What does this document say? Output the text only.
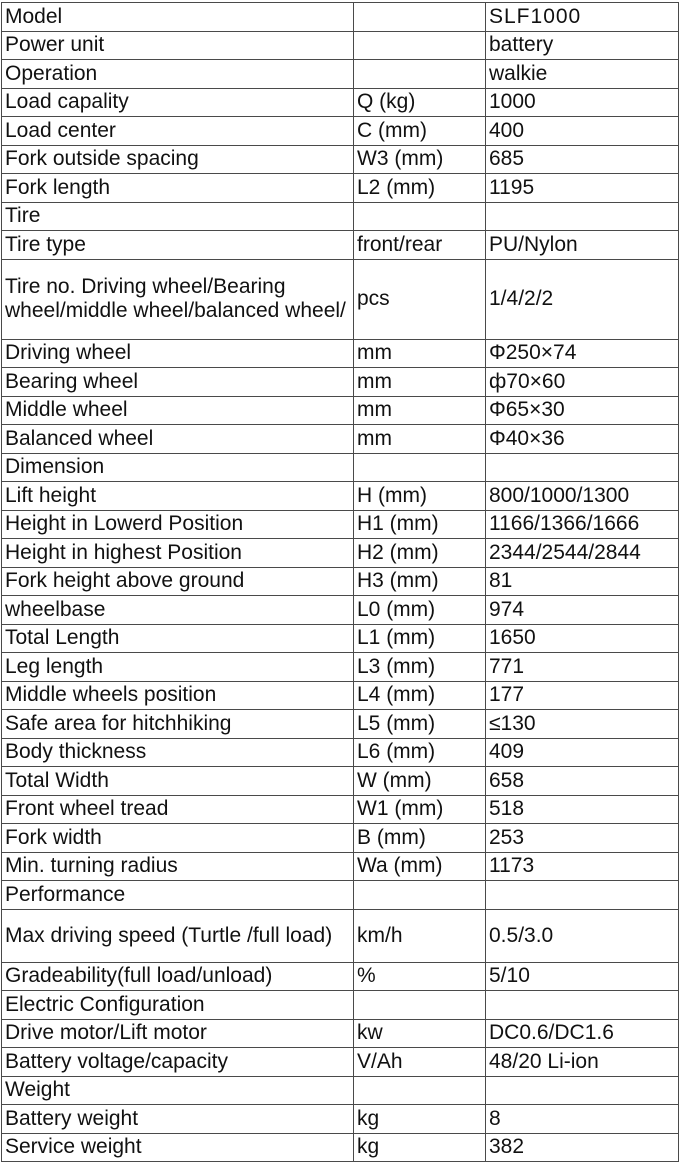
Model		SLF1000
Power unit		battery
Operation		walkie
Load capality	Q (kg)	1000
Load center	C (mm)	400
Fork outside spacing	W3 (mm)	685
Fork length	L2 (mm)	1195
Tire		
Tire type	front/rear	PU/Nylon
Tire no. Driving wheel/Bearing wheel/middle wheel/balanced wheel/	pcs	1/4/2/2
Driving wheel	mm	Φ250×74
Bearing wheel	mm	ф70×60
Middle wheel	mm	Φ65×30
Balanced wheel	mm	Φ40×36
Dimension		
Lift height	H (mm)	800/1000/1300
Height in Lowerd Position	H1 (mm)	1166/1366/1666
Height in highest Position	H2 (mm)	2344/2544/2844
Fork height above ground	H3 (mm)	81
wheelbase	L0 (mm)	974
Total Length	L1 (mm)	1650
Leg length	L3 (mm)	771
Middle wheels position	L4 (mm)	177
Safe area for hitchhiking	L5 (mm)	≤130
Body thickness	L6 (mm)	409
Total Width	W (mm)	658
Front wheel tread	W1 (mm)	518
Fork width	B (mm)	253
Min. turning radius	Wa (mm)	1173
Performance		
Max driving speed (Turtle /full load)	km/h	0.5/3.0
Gradeability(full load/unload)	%	5/10
Electric Configuration		
Drive motor/Lift motor	kw	DC0.6/DC1.6
Battery voltage/capacity	V/Ah	48/20 Li-ion
Weight		
Battery weight	kg	8
Service weight	kg	382
